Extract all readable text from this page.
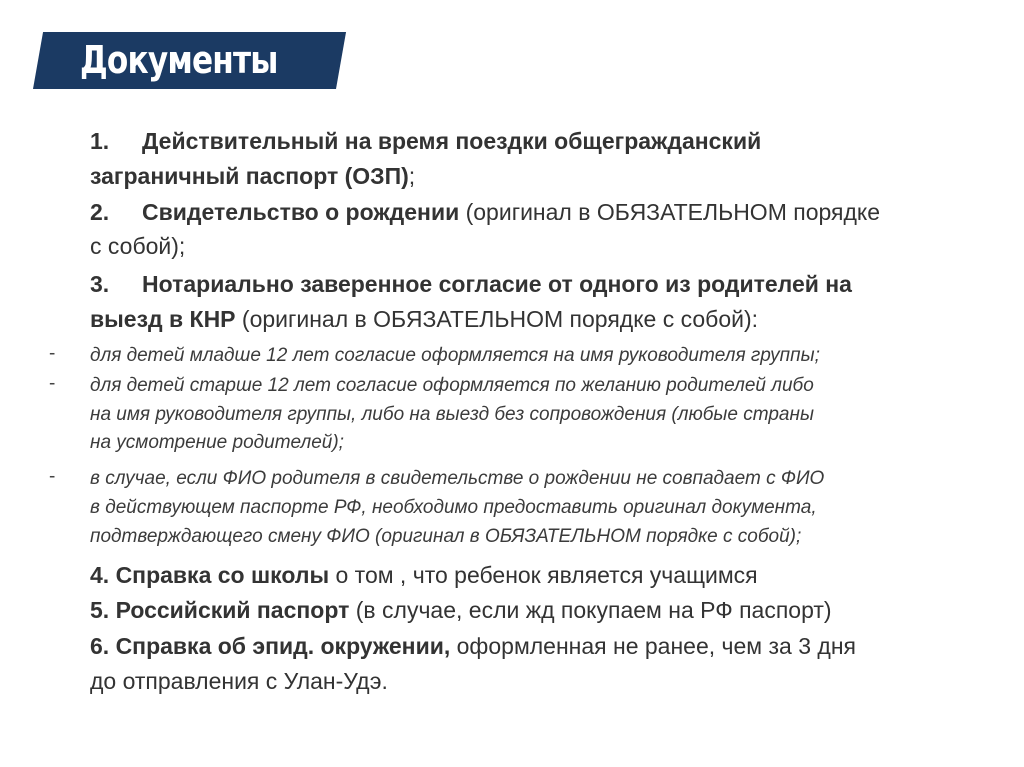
Документы
1. Действительный на время поездки общегражданский
заграничный паспорт (ОЗП);
2. Свидетельство о рождении (оригинал в ОБЯЗАТЕЛЬНОМ порядке
с собой);
3. Нотариально заверенное согласие от одного из родителей на
выезд в КНР (оригинал в ОБЯЗАТЕЛЬНОМ порядке с собой):
- для детей младше 12 лет согласие оформляется на имя руководителя группы;
- для детей старше 12 лет согласие оформляется по желанию родителей либо
на имя руководителя группы, либо на выезд без сопровождения (любые страны
на усмотрение родителей);
- в случае, если ФИО родителя в свидетельстве о рождении не совпадает с ФИО
в действующем паспорте РФ, необходимо предоставить оригинал документа,
подтверждающего смену ФИО (оригинал в ОБЯЗАТЕЛЬНОМ порядке с собой);
4. Справка со школы о том , что ребенок является учащимся
5. Российский паспорт (в случае, если жд покупаем на РФ паспорт)
6. Справка об эпид. окружении, оформленная не ранее, чем за 3 дня
до отправления с Улан-Удэ.
